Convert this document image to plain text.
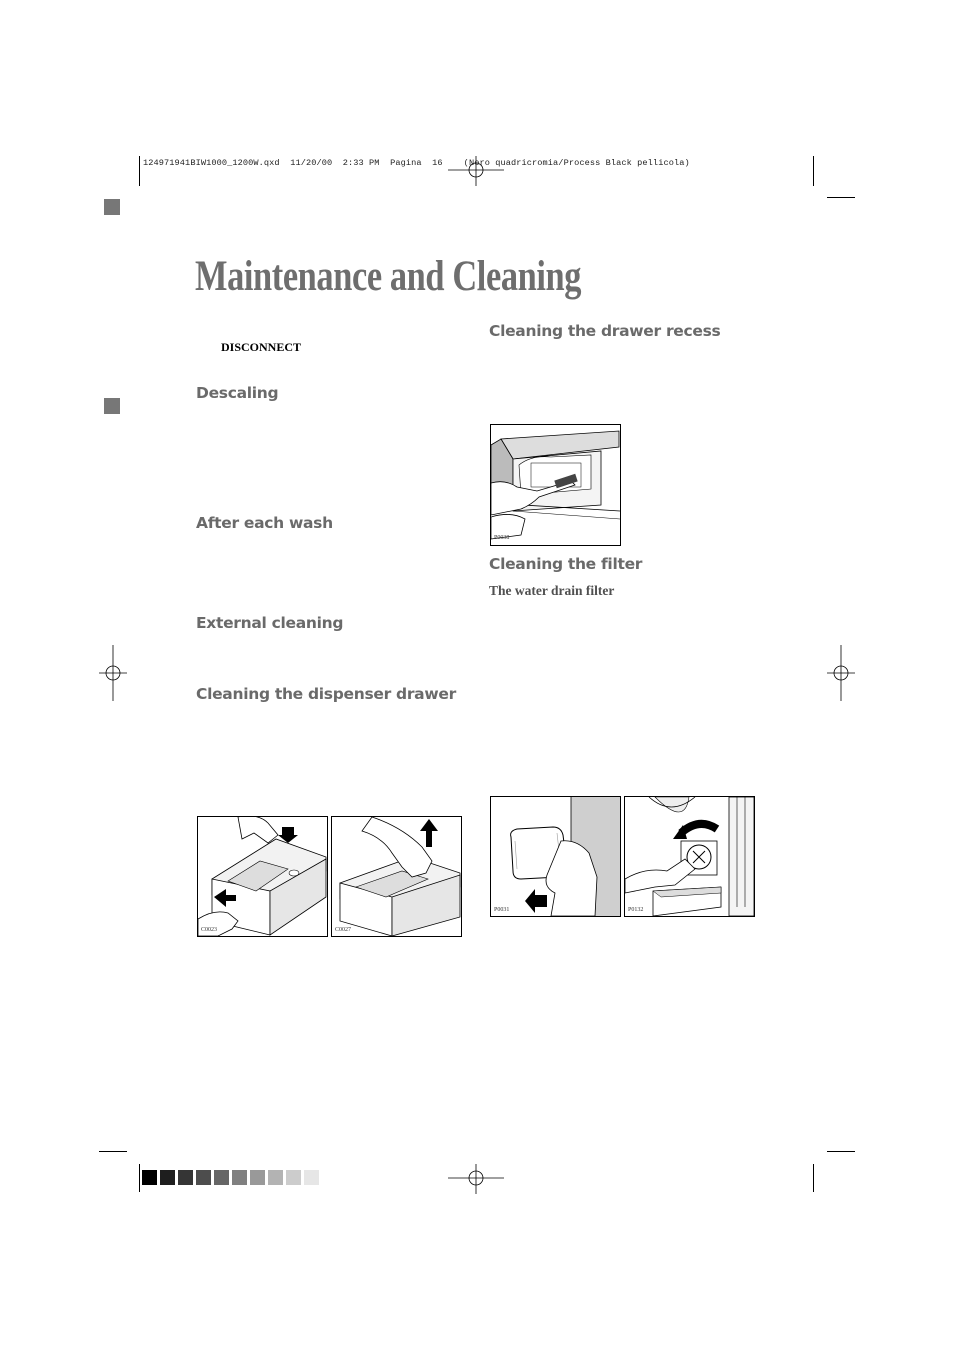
124971941BIW1000_1200W.qxd  11/20/00  2:33 PM  Pagina  16    (Nero quadricromia/Process Black pellicola)
Maintenance and Cleaning
DISCONNECT
Descaling
After each wash
External cleaning
Cleaning the dispenser drawer
Cleaning the drawer recess
Cleaning the filter
The water drain filter
P0038
C0023	C0027
P0031	P0132
